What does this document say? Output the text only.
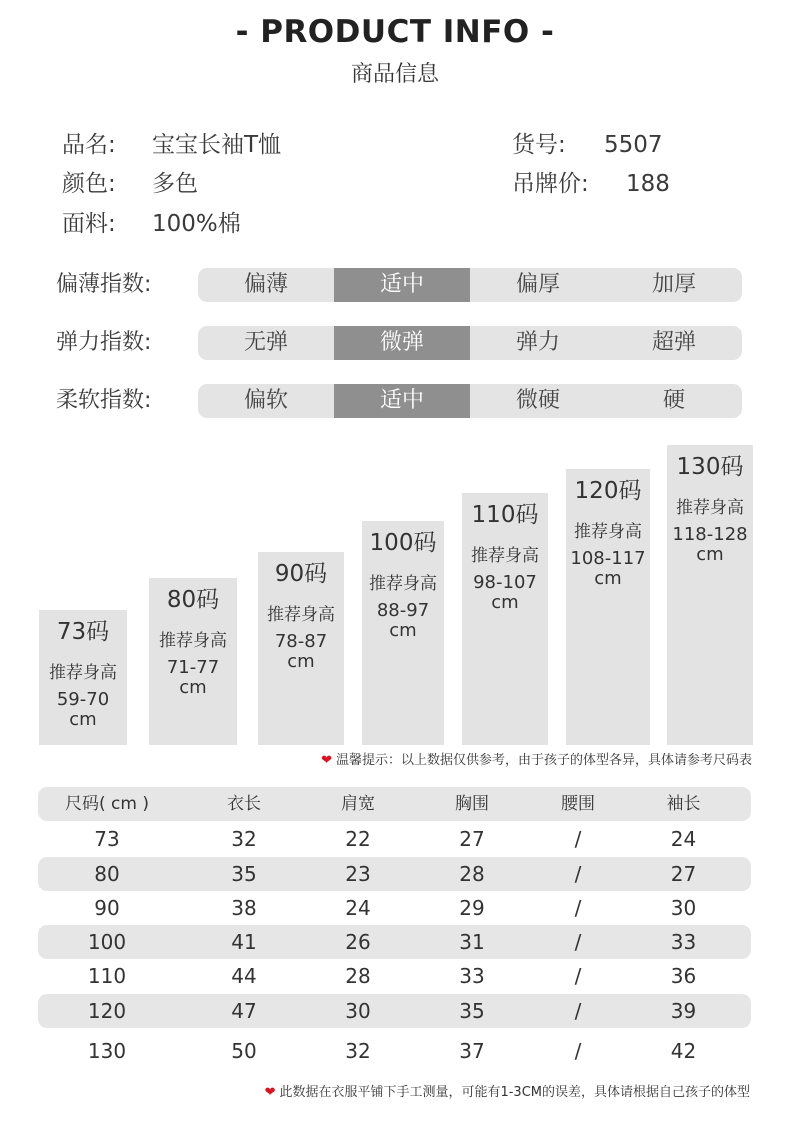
- PRODUCT INFO -
商品信息
品名: 宝宝长袖T恤
颜色: 多色
面料: 100%棉
货号: 5507
吊牌价: 188
偏薄指数:	偏薄	适中	偏厚	加厚
弹力指数:	无弹	微弹	弹力	超弹
柔软指数:	偏软	适中	微硬	硬
73码
推荐身高
59-70
cm
80码
推荐身高
71-77
cm
90码
推荐身高
78-87
cm
100码
推荐身高
88-97
cm
110码
推荐身高
98-107
cm
120码
推荐身高
108-117
cm
130码
推荐身高
118-128
cm
❤ 温馨提示：以上数据仅供参考，由于孩子的体型各异，具体请参考尺码表
尺码( cm )	衣长	肩宽	胸围	腰围	袖长
73	32	22	27	/	24
80	35	23	28	/	27
90	38	24	29	/	30
100	41	26	31	/	33
110	44	28	33	/	36
120	47	30	35	/	39
130	50	32	37	/	42
❤ 此数据在衣服平铺下手工测量，可能有1-3CM的误差，具体请根据自己孩子的体型
